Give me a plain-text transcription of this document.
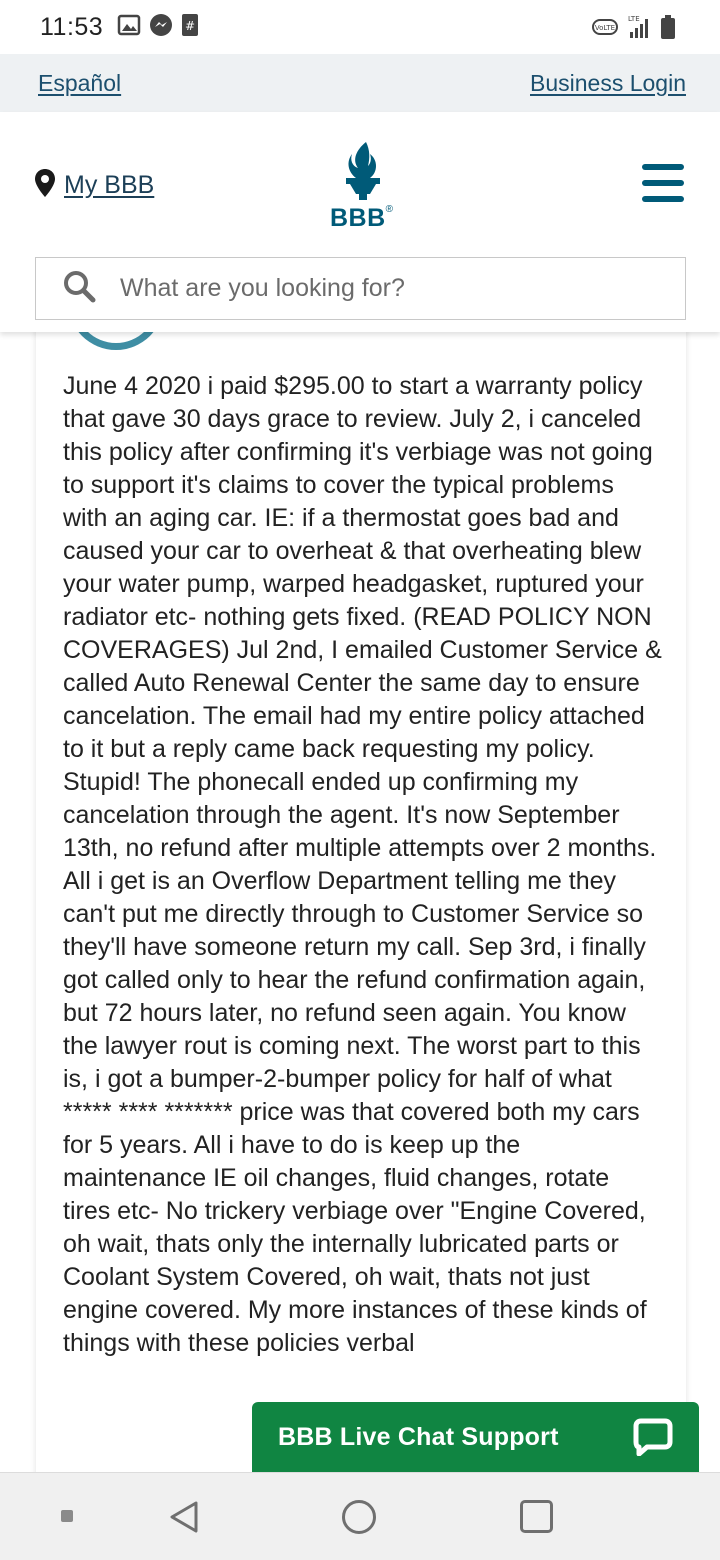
11:53	#	VoLTE
LTE
Español	Business Login
My BBB
BBB®
What are you looking for?

June 4 2020 i paid $295.00 to start a warranty policy that gave 30 days grace to review. July 2, i canceled this policy after confirming it's verbiage was not going to support it's claims to cover the typical problems with an aging car. IE: if a thermostat goes bad and caused your car to overheat & that overheating blew your water pump, warped headgasket, ruptured your radiator etc- nothing gets fixed. (READ POLICY NON COVERAGES) Jul 2nd, I emailed Customer Service & called Auto Renewal Center the same day to ensure cancelation. The email had my entire policy attached to it but a reply came back requesting my policy. Stupid! The phonecall ended up confirming my cancelation through the agent. It's now September 13th, no refund after multiple attempts over 2 months. All i get is an Overflow Department telling me they can't put me directly through to Customer Service so they'll have someone return my call. Sep 3rd, i finally got called only to hear the refund confirmation again, but 72 hours later, no refund seen again. You know the lawyer rout is coming next. The worst part to this is, i got a bumper-2-bumper policy for half of what ***** **** ******* price was that covered both my cars for 5 years. All i have to do is keep up the maintenance IE oil changes, fluid changes, rotate tires etc- No trickery verbiage over "Engine Covered, oh wait, thats only the internally lubricated parts or Coolant System Covered, oh wait, thats not just engine covered. My more instances of these kinds of things with these policies verbal

BBB Live Chat Support
